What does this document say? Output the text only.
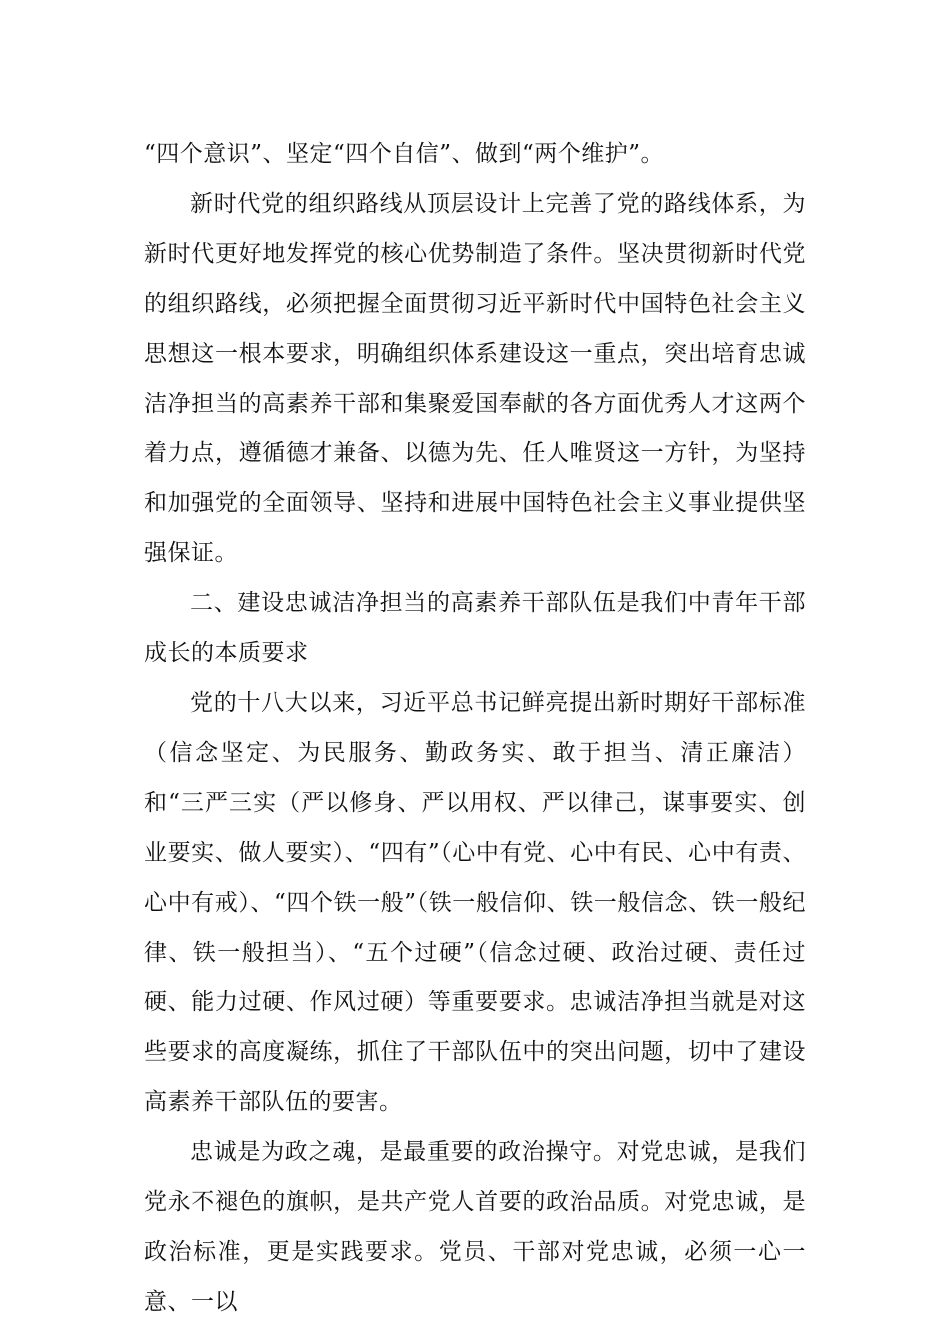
“四个意识”、坚定“四个自信”、做到“两个维护”。

新时代党的组织路线从顶层设计上完善了党的路线体系，为新时代更好地发挥党的核心优势制造了条件。坚决贯彻新时代党的组织路线，必须把握全面贯彻习近平新时代中国特色社会主义思想这一根本要求，明确组织体系建设这一重点，突出培育忠诚洁净担当的高素养干部和集聚爱国奉献的各方面优秀人才这两个着力点，遵循德才兼备、以德为先、任人唯贤这一方针，为坚持和加强党的全面领导、坚持和进展中国特色社会主义事业提供坚强保证。

二、建设忠诚洁净担当的高素养干部队伍是我们中青年干部成长的本质要求

党的十八大以来，习近平总书记鲜亮提出新时期好干部标准（信念坚定、为民服务、勤政务实、敢于担当、清正廉洁）和“三严三实（严以修身、严以用权、严以律己，谋事要实、创业要实、做人要实）、“四有”（心中有党、心中有民、心中有责、心中有戒）、“四个铁一般”（铁一般信仰、铁一般信念、铁一般纪律、铁一般担当）、“五个过硬”（信念过硬、政治过硬、责任过硬、能力过硬、作风过硬）等重要要求。忠诚洁净担当就是对这些要求的高度凝练，抓住了干部队伍中的突出问题，切中了建设高素养干部队伍的要害。

忠诚是为政之魂，是最重要的政治操守。对党忠诚，是我们党永不褪色的旗帜，是共产党人首要的政治品质。对党忠诚，是政治标准，更是实践要求。党员、干部对党忠诚，必须一心一意、一以
